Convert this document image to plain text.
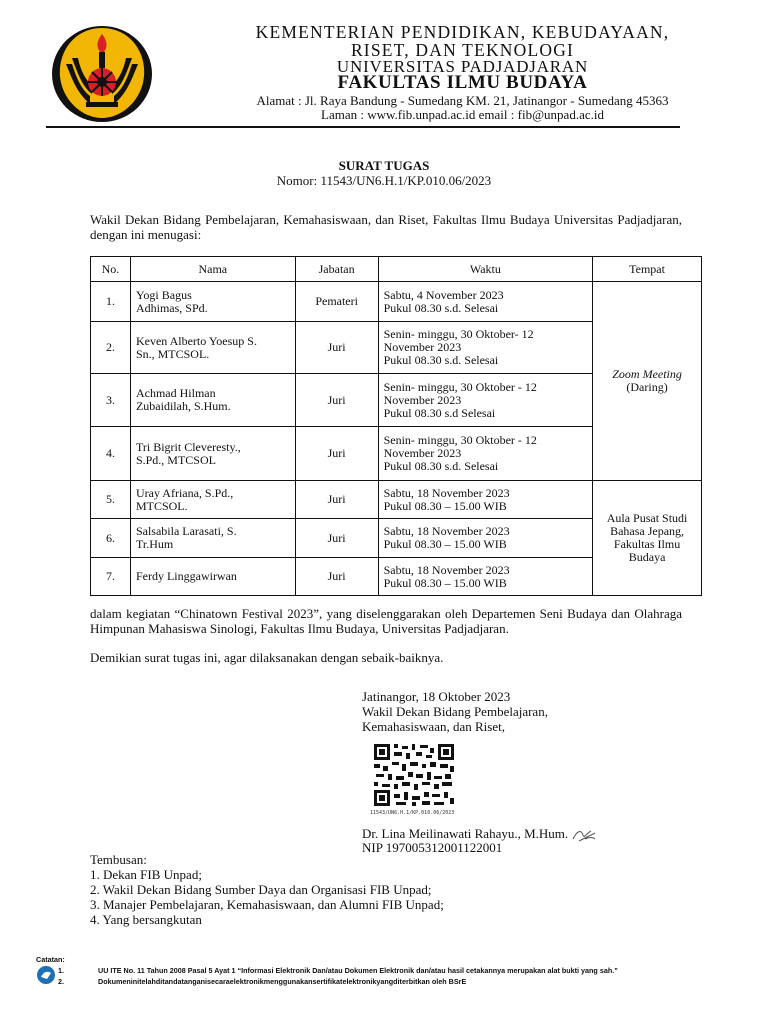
KEMENTERIAN PENDIDIKAN, KEBUDAYAAN,
RISET, DAN TEKNOLOGI
UNIVERSITAS PADJADJARAN
FAKULTAS ILMU BUDAYA
Alamat : Jl. Raya Bandung - Sumedang KM. 21, Jatinangor - Sumedang 45363
Laman : www.fib.unpad.ac.id email : fib@unpad.ac.id
SURAT TUGAS
Nomor: 11543/UN6.H.1/KP.010.06/2023
Wakil Dekan Bidang Pembelajaran, Kemahasiswaan, dan Riset, Fakultas Ilmu Budaya Universitas Padjadjaran, dengan ini menugasi:
No.	Nama	Jabatan	Waktu	Tempat
1.	Yogi Bagus
Adhimas, SPd.	Pemateri	Sabtu, 4 November 2023
Pukul 08.30 s.d. Selesai	Zoom Meeting
(Daring)
2.	Keven Alberto Yoesup S.
Sn., MTCSOL.	Juri	Senin- minggu, 30 Oktober- 12
November 2023
Pukul 08.30 s.d. Selesai	
3.	Achmad Hilman
Zubaidilah, S.Hum.	Juri	Senin- minggu, 30 Oktober - 12
November 2023
Pukul 08.30 s.d Selesai	
4.	Tri Bigrit Cleveresty.,
S.Pd., MTCSOL	Juri	Senin- minggu, 30 Oktober - 12
November 2023
Pukul 08.30 s.d. Selesai	
5.	Uray Afriana, S.Pd.,
MTCSOL.	Juri	Sabtu, 18 November 2023
Pukul 08.30 – 15.00 WIB	Aula Pusat Studi
Bahasa Jepang,
Fakultas Ilmu
Budaya
6.	Salsabila Larasati, S.
Tr.Hum	Juri	Sabtu, 18 November 2023
Pukul 08.30 – 15.00 WIB	
7.	Ferdy Linggawirwan	Juri	Sabtu, 18 November 2023
Pukul 08.30 – 15.00 WIB	
dalam kegiatan “Chinatown Festival 2023”, yang diselenggarakan oleh Departemen Seni Budaya dan Olahraga Himpunan Mahasiswa Sinologi, Fakultas Ilmu Budaya, Universitas Padjadjaran.
Demikian surat tugas ini, agar dilaksanakan dengan sebaik-baiknya.
Jatinangor, 18 Oktober 2023
Wakil Dekan Bidang Pembelajaran,
Kemahasiswaan, dan Riset,
11543/UN6.H.1/KP.010.06/2023
Dr. Lina Meilinawati Rahayu., M.Hum.
NIP 197005312001122001
Tembusan:
1. Dekan FIB Unpad;
2. Wakil Dekan Bidang Sumber Daya dan Organisasi FIB Unpad;
3. Manajer Pembelajaran, Kemahasiswaan, dan Alumni FIB Unpad;
4. Yang bersangkutan
Catatan:
1.	UU ITE No. 11 Tahun 2008 Pasal 5 Ayat 1 “Informasi Elektronik Dan/atau Dokumen Elektronik dan/atau hasil cetakannya merupakan alat bukti yang sah.”
2.	Dokumeninitelahditandatanganisecaraelektronikmenggunakansertifikatelektronikyangditerbitkan oleh BSrE
